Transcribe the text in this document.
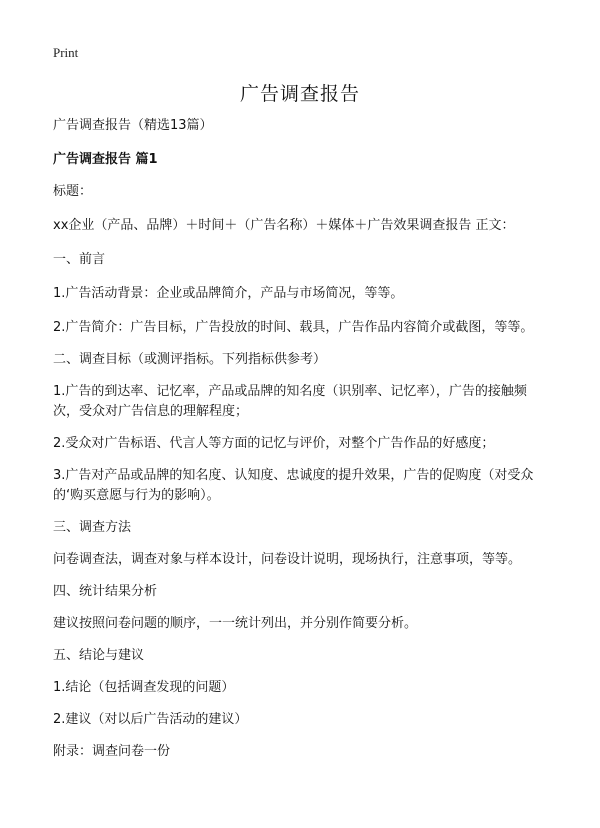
Print
广告调查报告

广告调查报告（精选13篇）

广告调查报告 篇1

标题：

xx企业（产品、品牌）＋时间＋（广告名称）＋媒体＋广告效果调查报告 正文：

一、前言

1.广告活动背景：企业或品牌简介，产品与市场简况，等等。

2.广告简介：广告目标，广告投放的时间、载具，广告作品内容简介或截图，等等。

二、调查目标（或测评指标。下列指标供参考）

1.广告的到达率、记忆率，产品或品牌的知名度（识别率、记忆率），广告的接触频次，受众对广告信息的理解程度；

2.受众对广告标语、代言人等方面的记忆与评价，对整个广告作品的好感度；

3.广告对产品或品牌的知名度、认知度、忠诚度的提升效果，广告的促购度（对受众的‘购买意愿与行为的影响）。

三、调查方法

问卷调查法，调查对象与样本设计，问卷设计说明，现场执行，注意事项，等等。

四、统计结果分析

建议按照问卷问题的顺序，一一统计列出，并分别作简要分析。

五、结论与建议

1.结论（包括调查发现的问题）

2.建议（对以后广告活动的建议）

附录：调查问卷一份
